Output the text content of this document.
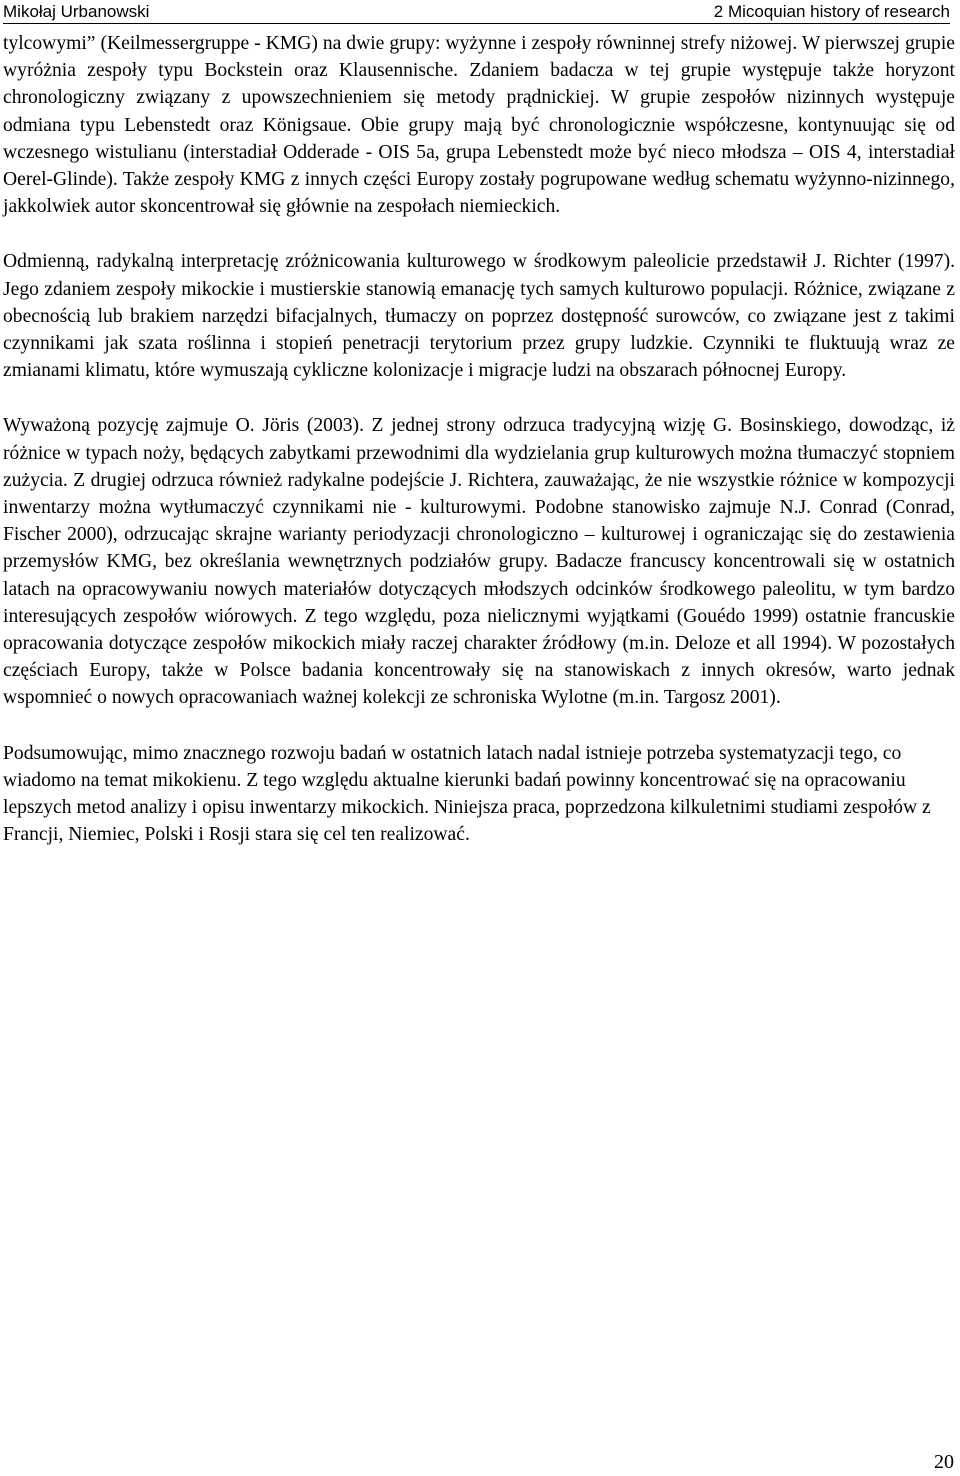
Mikołaj Urbanowski	2 Micoquian history of research

tylcowymi” (Keilmessergruppe - KMG) na dwie grupy: wyżynne i zespoły równinnej strefy niżowej. W pierwszej grupie wyróżnia zespoły typu Bockstein oraz Klausennische. Zdaniem badacza w tej grupie występuje także horyzont chronologiczny związany z upowszechnieniem się metody prądnickiej. W grupie zespołów nizinnych występuje odmiana typu Lebenstedt oraz Königsaue. Obie grupy mają być chronologicznie współczesne, kontynuując się od wczesnego wistulianu (interstadiał Odderade - OIS 5a, grupa Lebenstedt może być nieco młodsza – OIS 4, interstadiał Oerel-Glinde). Także zespoły KMG z innych części Europy zostały pogrupowane według schematu wyżynno-nizinnego, jakkolwiek autor skoncentrował się głównie na zespołach niemieckich.

Odmienną, radykalną interpretację zróżnicowania kulturowego w środkowym paleolicie przedstawił J. Richter (1997). Jego zdaniem zespoły mikockie i mustierskie stanowią emanację tych samych kulturowo populacji. Różnice, związane z obecnością lub brakiem narzędzi bifacjalnych, tłumaczy on poprzez dostępność surowców, co związane jest z takimi czynnikami jak szata roślinna i stopień penetracji terytorium przez grupy ludzkie. Czynniki te fluktuują wraz ze zmianami klimatu, które wymuszają cykliczne kolonizacje i migracje ludzi na obszarach północnej Europy.

Wyważoną pozycję zajmuje O. Jöris (2003). Z jednej strony odrzuca tradycyjną wizję G. Bosinskiego, dowodząc, iż różnice w typach noży, będących zabytkami przewodnimi dla wydzielania grup kulturowych można tłumaczyć stopniem zużycia. Z drugiej odrzuca również radykalne podejście J. Richtera, zauważając, że nie wszystkie różnice w kompozycji inwentarzy można wytłumaczyć czynnikami nie - kulturowymi. Podobne stanowisko zajmuje N.J. Conrad (Conrad, Fischer 2000), odrzucając skrajne warianty periodyzacji chronologiczno – kulturowej i ograniczając się do zestawienia przemysłów KMG, bez określania wewnętrznych podziałów grupy. Badacze francuscy koncentrowali się w ostatnich latach na opracowywaniu nowych materiałów dotyczących młodszych odcinków środkowego paleolitu, w tym bardzo interesujących zespołów wiórowych. Z tego względu, poza nielicznymi wyjątkami (Gouédo 1999) ostatnie francuskie opracowania dotyczące zespołów mikockich miały raczej charakter źródłowy (m.in. Deloze et all 1994). W pozostałych częściach Europy, także w Polsce badania koncentrowały się na stanowiskach z innych okresów, warto jednak wspomnieć o nowych opracowaniach ważnej kolekcji ze schroniska Wylotne (m.in. Targosz 2001).

Podsumowując, mimo znacznego rozwoju badań w ostatnich latach nadal istnieje potrzeba systematyzacji tego, co wiadomo na temat mikokienu. Z tego względu aktualne kierunki badań powinny koncentrować się na opracowaniu lepszych metod analizy i opisu inwentarzy mikockich. Niniejsza praca, poprzedzona kilkuletnimi studiami zespołów z Francji, Niemiec, Polski i Rosji stara się cel ten realizować.

20
